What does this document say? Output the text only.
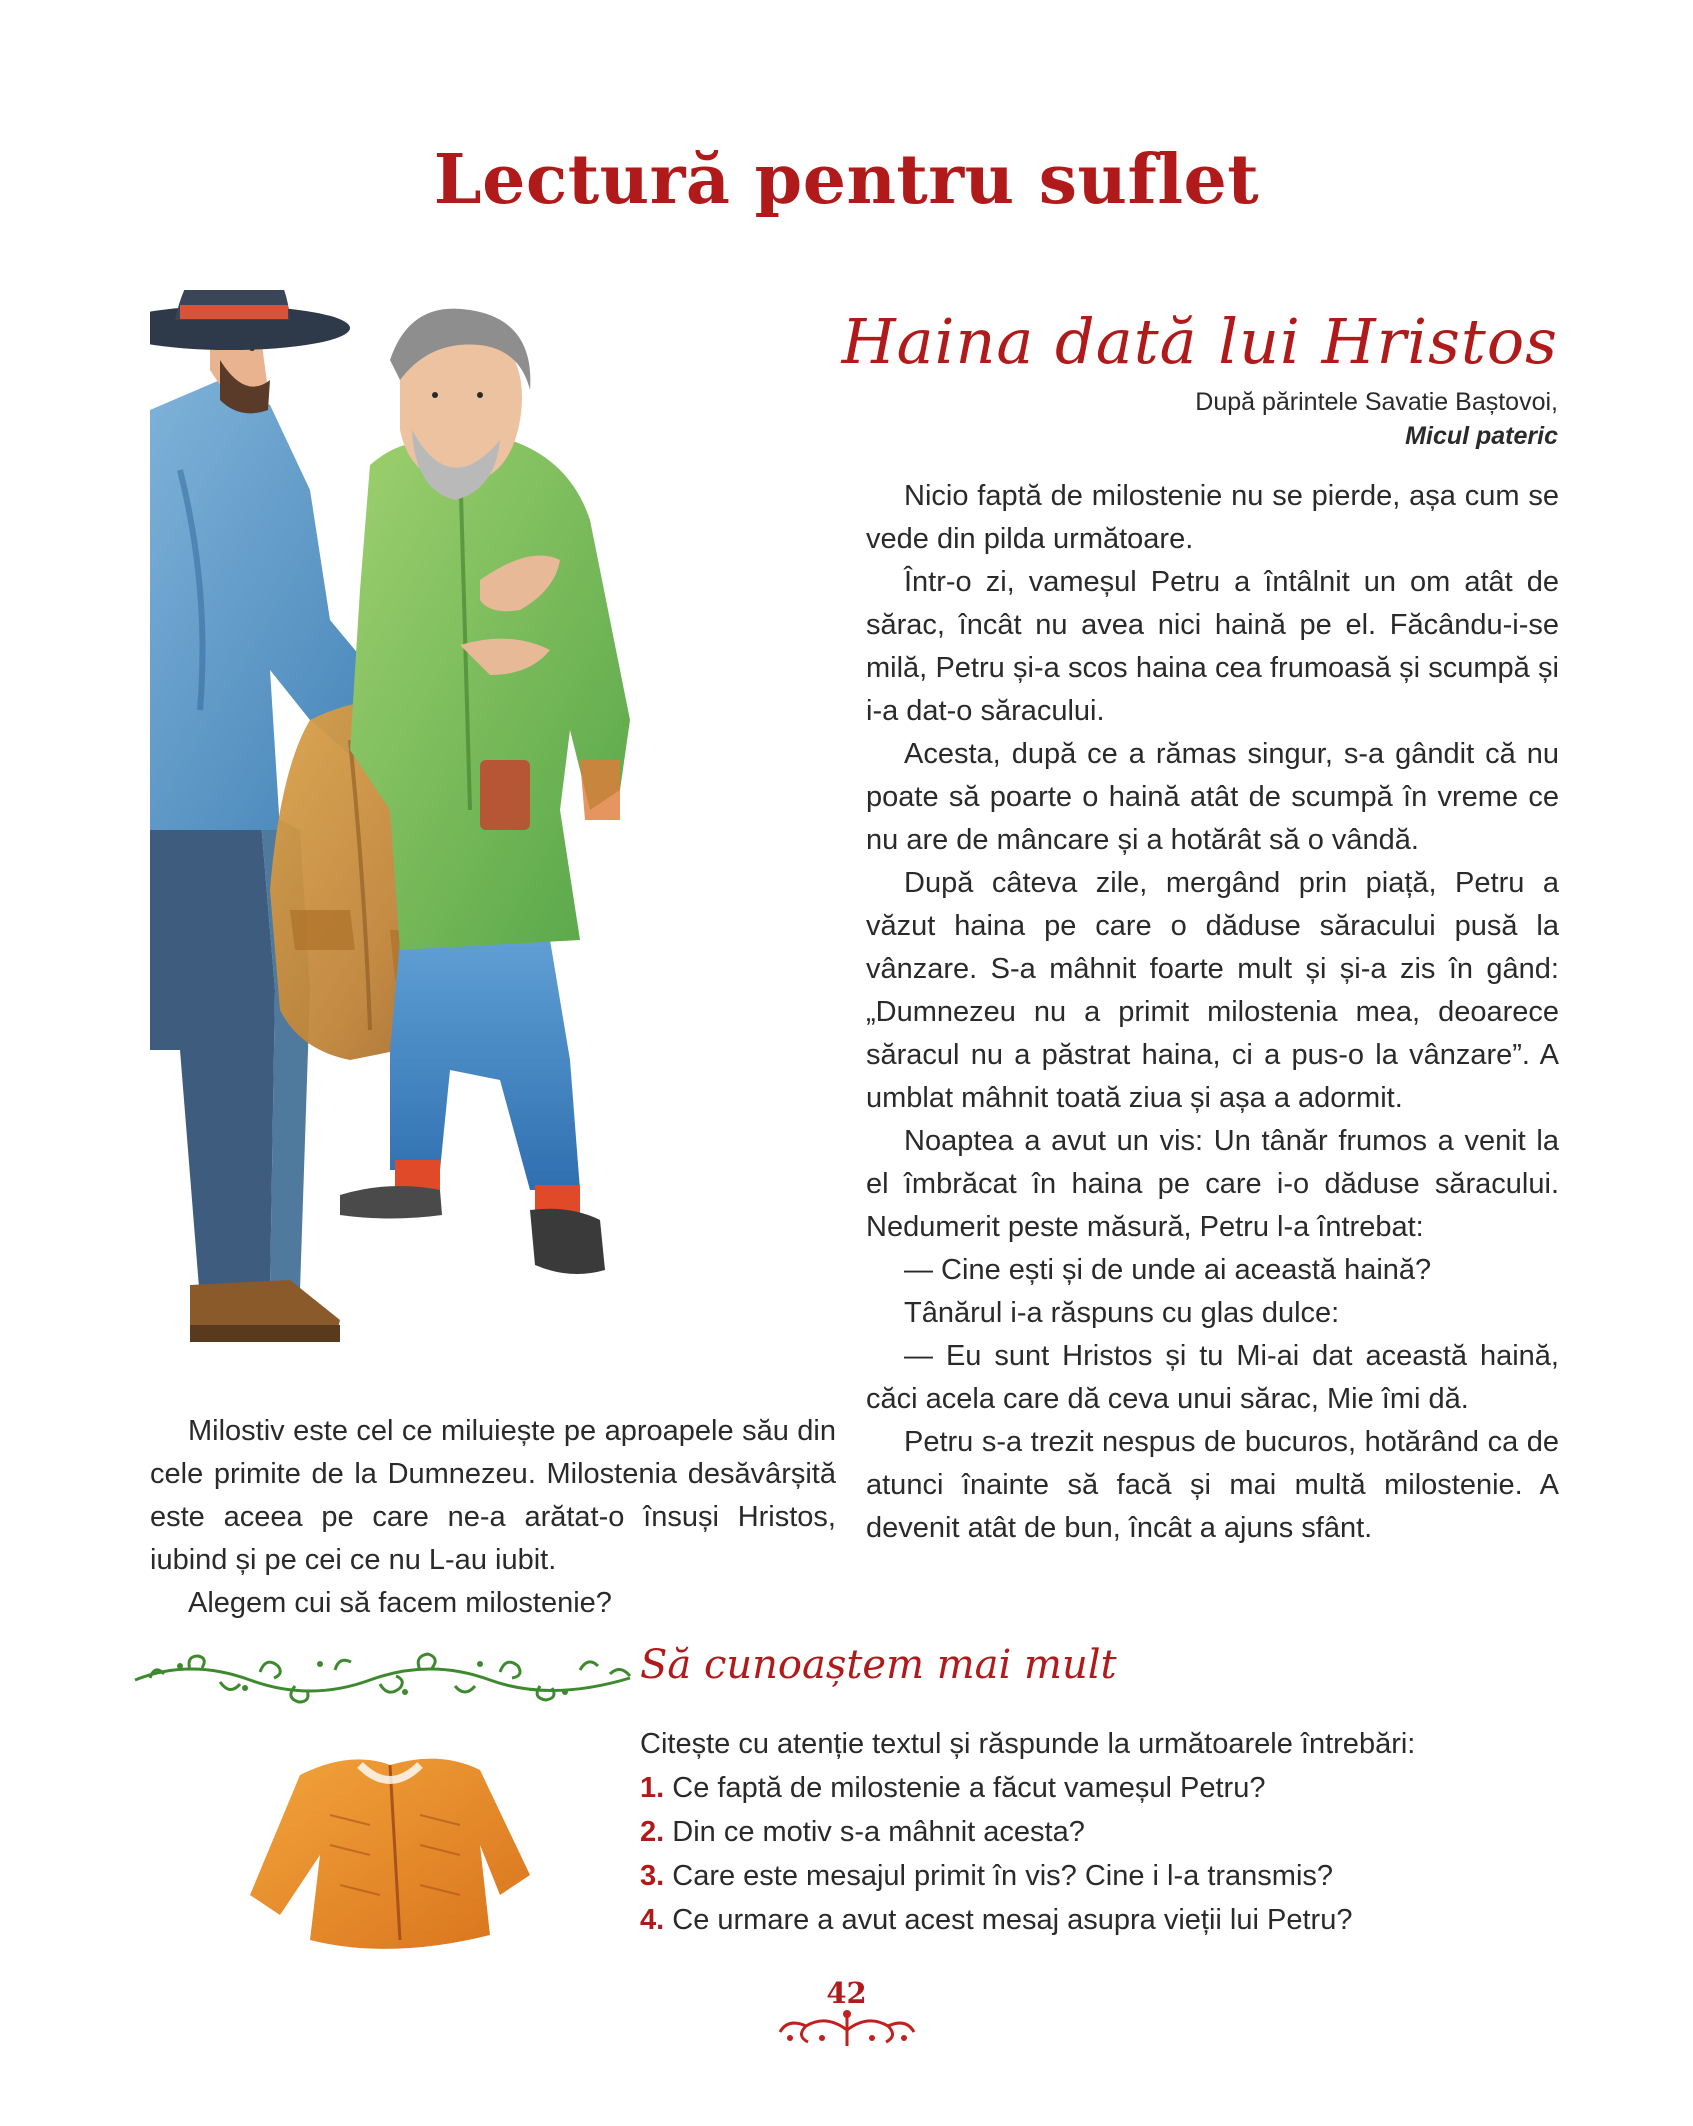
Lectură pentru suflet
Haina dată lui Hristos
După părintele Savatie Baștovoi,
Micul pateric

Nicio faptă de milostenie nu se pierde, așa cum se vede din pilda următoare.

Într-o zi, vameșul Petru a întâlnit un om atât de sărac, încât nu avea nici haină pe el. Făcându-i-se milă, Petru și-a scos haina cea frumoasă și scumpă și i-a dat-o săracului.

Acesta, după ce a rămas singur, s-a gândit că nu poate să poarte o haină atât de scumpă în vreme ce nu are de mâncare și a hotărât să o vândă.

După câteva zile, mergând prin piață, Petru a văzut haina pe care o dăduse săracului pusă la vânzare. S-a mâhnit foarte mult și și-a zis în gând: „Dumnezeu nu a primit milostenia mea, deoarece săracul nu a păstrat haina, ci a pus-o la vânzare”. A umblat mâhnit toată ziua și așa a adormit.

Noaptea a avut un vis: Un tânăr frumos a venit la el îmbrăcat în haina pe care i-o dăduse săracului. Nedumerit peste măsură, Petru l-a întrebat:

— Cine ești și de unde ai această haină?

Tânărul i-a răspuns cu glas dulce:

— Eu sunt Hristos și tu Mi-ai dat această haină, căci acela care dă ceva unui sărac, Mie îmi dă.

Petru s-a trezit nespus de bucuros, hotărând ca de atunci înainte să facă și mai multă milostenie. A devenit atât de bun, încât a ajuns sfânt.

Milostiv este cel ce miluiește pe aproapele său din cele primite de la Dumnezeu. Milostenia desăvârșită este aceea pe care ne-a arătat-o însuși Hristos, iubind și pe cei ce nu L-au iubit.

Alegem cui să facem milostenie?

Să cunoaștem mai mult

Citește cu atenție textul și răspunde la următoarele întrebări:

1. Ce faptă de milostenie a făcut vameșul Petru?
2. Din ce motiv s-a mâhnit acesta?
3. Care este mesajul primit în vis? Cine i l-a transmis?
4. Ce urmare a avut acest mesaj asupra vieții lui Petru?
42
